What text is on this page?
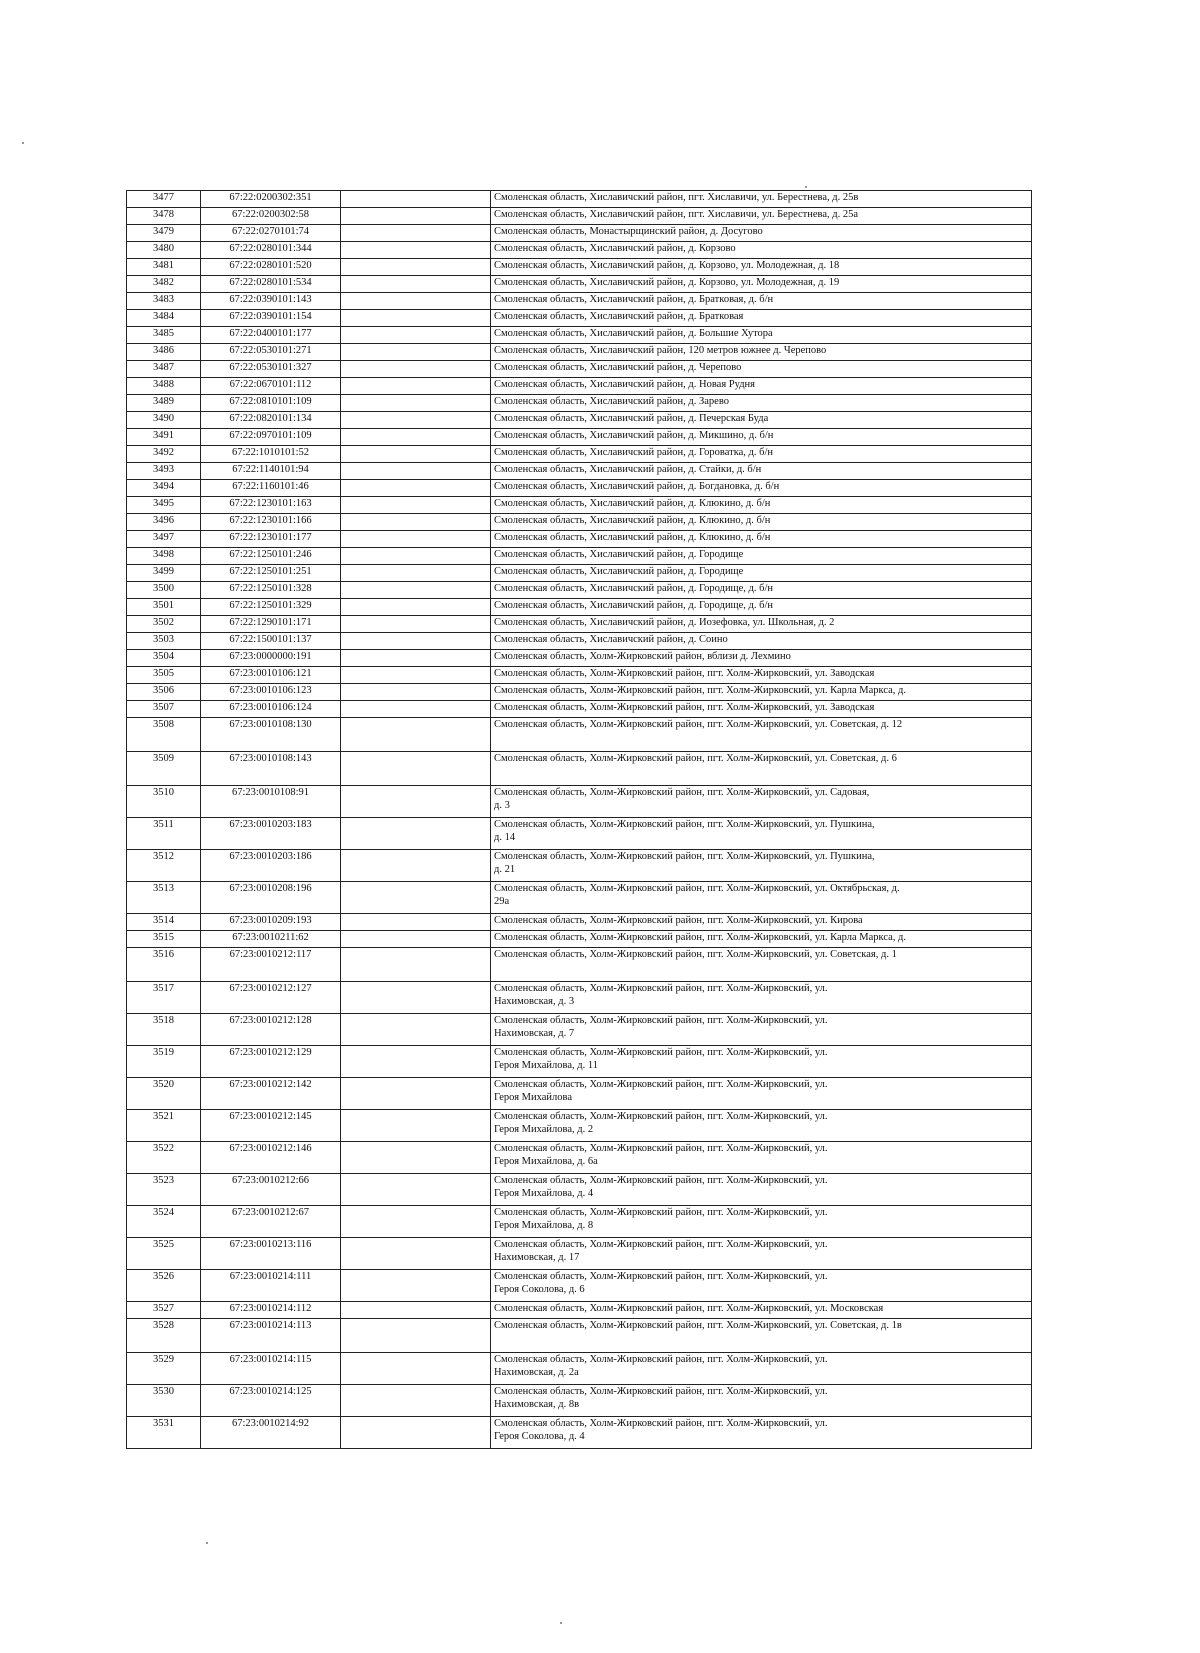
3477	67:22:0200302:351		Смоленская область, Хиславичский район, пгт. Хиславичи, ул. Берестнева, д. 25в
3478	67:22:0200302:58		Смоленская область, Хиславичский район, пгт. Хиславичи, ул. Берестнева, д. 25а
3479	67:22:0270101:74		Смоленская область, Монастырщинский район, д. Досугово
3480	67:22:0280101:344		Смоленская область, Хиславичский район, д. Корзово
3481	67:22:0280101:520		Смоленская область, Хиславичский район, д. Корзово, ул. Молодежная, д. 18
3482	67:22:0280101:534		Смоленская область, Хиславичский район, д. Корзово, ул. Молодежная, д. 19
3483	67:22:0390101:143		Смоленская область, Хиславичский район, д. Братковая, д. б/н
3484	67:22:0390101:154		Смоленская область, Хиславичский район, д. Братковая
3485	67:22:0400101:177		Смоленская область, Хиславичский район, д. Большие Хутора
3486	67:22:0530101:271		Смоленская область, Хиславичский район, 120 метров южнее д. Черепово
3487	67:22:0530101:327		Смоленская область, Хиславичский район, д. Черепово
3488	67:22:0670101:112		Смоленская область, Хиславичский район, д. Новая Рудня
3489	67:22:0810101:109		Смоленская область, Хиславичский район, д. Зарево
3490	67:22:0820101:134		Смоленская область, Хиславичский район, д. Печерская Буда
3491	67:22:0970101:109		Смоленская область, Хиславичский район, д. Микшино, д. б/н
3492	67:22:1010101:52		Смоленская область, Хиславичский район, д. Гороватка, д. б/н
3493	67:22:1140101:94		Смоленская область, Хиславичский район, д. Стайки, д. б/н
3494	67:22:1160101:46		Смоленская область, Хиславичский район, д. Богдановка, д. б/н
3495	67:22:1230101:163		Смоленская область, Хиславичский район, д. Клюкино, д. б/н
3496	67:22:1230101:166		Смоленская область, Хиславичский район, д. Клюкино, д. б/н
3497	67:22:1230101:177		Смоленская область, Хиславичский район, д. Клюкино, д. б/н
3498	67:22:1250101:246		Смоленская область, Хиславичский район, д. Городище
3499	67:22:1250101:251		Смоленская область, Хиславичский район, д. Городище
3500	67:22:1250101:328		Смоленская область, Хиславичский район, д. Городище, д. б/н
3501	67:22:1250101:329		Смоленская область, Хиславичский район, д. Городище, д. б/н
3502	67:22:1290101:171		Смоленская область, Хиславичский район, д. Иозефовка, ул. Школьная, д. 2
3503	67:22:1500101:137		Смоленская область, Хиславичский район, д. Соино
3504	67:23:0000000:191		Смоленская область, Холм-Жирковский район, вблизи д. Лехмино
3505	67:23:0010106:121		Смоленская область, Холм-Жирковский район, пгт. Холм-Жирковский, ул. Заводская
3506	67:23:0010106:123		Смоленская область, Холм-Жирковский район, пгт. Холм-Жирковский, ул. Карла Маркса, д.
3507	67:23:0010106:124		Смоленская область, Холм-Жирковский район, пгт. Холм-Жирковский, ул. Заводская
3508	67:23:0010108:130		Смоленская область, Холм-Жирковский район, пгт. Холм-Жирковский, ул. Советская, д. 12
3509	67:23:0010108:143		Смоленская область, Холм-Жирковский район, пгт. Холм-Жирковский, ул. Советская, д. 6
3510	67:23:0010108:91		Смоленская область, Холм-Жирковский район, пгт. Холм-Жирковский, ул. Садовая,
д. 3
3511	67:23:0010203:183		Смоленская область, Холм-Жирковский район, пгт. Холм-Жирковский, ул. Пушкина,
д. 14
3512	67:23:0010203:186		Смоленская область, Холм-Жирковский район, пгт. Холм-Жирковский, ул. Пушкина,
д. 21
3513	67:23:0010208:196		Смоленская область, Холм-Жирковский район, пгт. Холм-Жирковский, ул. Октябрьская, д.
29а
3514	67:23:0010209:193		Смоленская область, Холм-Жирковский район, пгт. Холм-Жирковский, ул. Кирова
3515	67:23:0010211:62		Смоленская область, Холм-Жирковский район, пгт. Холм-Жирковский, ул. Карла Маркса, д.
3516	67:23:0010212:117		Смоленская область, Холм-Жирковский район, пгт. Холм-Жирковский, ул. Советская, д. 1
3517	67:23:0010212:127		Смоленская область, Холм-Жирковский район, пгт. Холм-Жирковский, ул.
Нахимовская, д. 3
3518	67:23:0010212:128		Смоленская область, Холм-Жирковский район, пгт. Холм-Жирковский, ул.
Нахимовская, д. 7
3519	67:23:0010212:129		Смоленская область, Холм-Жирковский район, пгт. Холм-Жирковский, ул.
Героя Михайлова, д. 11
3520	67:23:0010212:142		Смоленская область, Холм-Жирковский район, пгт. Холм-Жирковский, ул.
Героя Михайлова
3521	67:23:0010212:145		Смоленская область, Холм-Жирковский район, пгт. Холм-Жирковский, ул.
Героя Михайлова, д. 2
3522	67:23:0010212:146		Смоленская область, Холм-Жирковский район, пгт. Холм-Жирковский, ул.
Героя Михайлова, д. 6а
3523	67:23:0010212:66		Смоленская область, Холм-Жирковский район, пгт. Холм-Жирковский, ул.
Героя Михайлова, д. 4
3524	67:23:0010212:67		Смоленская область, Холм-Жирковский район, пгт. Холм-Жирковский, ул.
Героя Михайлова, д. 8
3525	67:23:0010213:116		Смоленская область, Холм-Жирковский район, пгт. Холм-Жирковский, ул.
Нахимовская, д. 17
3526	67:23:0010214:111		Смоленская область, Холм-Жирковский район, пгт. Холм-Жирковский, ул.
Героя Соколова, д. 6
3527	67:23:0010214:112		Смоленская область, Холм-Жирковский район, пгт. Холм-Жирковский, ул. Московская
3528	67:23:0010214:113		Смоленская область, Холм-Жирковский район, пгт. Холм-Жирковский, ул. Советская, д. 1в
3529	67:23:0010214:115		Смоленская область, Холм-Жирковский район, пгт. Холм-Жирковский, ул.
Нахимовская, д. 2а
3530	67:23:0010214:125		Смоленская область, Холм-Жирковский район, пгт. Холм-Жирковский, ул.
Нахимовская, д. 8в
3531	67:23:0010214:92		Смоленская область, Холм-Жирковский район, пгт. Холм-Жирковский, ул.
Героя Соколова, д. 4
